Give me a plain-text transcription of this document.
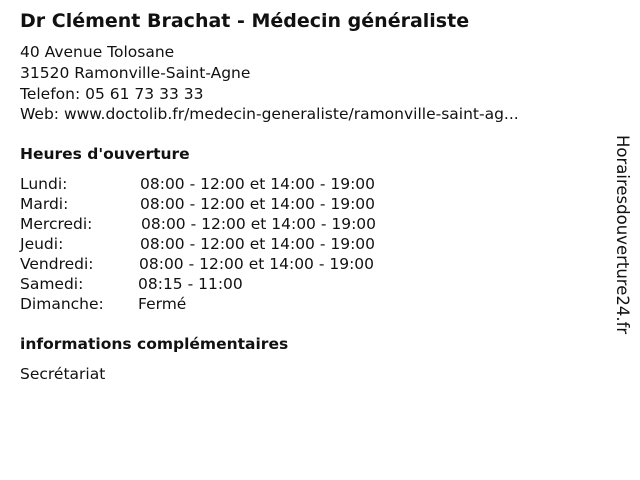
Dr Clément Brachat - Médecin généraliste
40 Avenue Tolosane
31520 Ramonville-Saint-Agne
Telefon: 05 61 73 33 33
Web: www.doctolib.fr/medecin-generaliste/ramonville-saint-ag...
Heures d'ouverture
Lundi:	08:00 - 12:00 et 14:00 - 19:00
Mardi:	08:00 - 12:00 et 14:00 - 19:00
Mercredi:	08:00 - 12:00 et 14:00 - 19:00
Jeudi:	08:00 - 12:00 et 14:00 - 19:00
Vendredi:	08:00 - 12:00 et 14:00 - 19:00
Samedi:	08:15 - 11:00
Dimanche: Fermé
informations complémentaires
Secrétariat
Horairesdouverture24.fr
